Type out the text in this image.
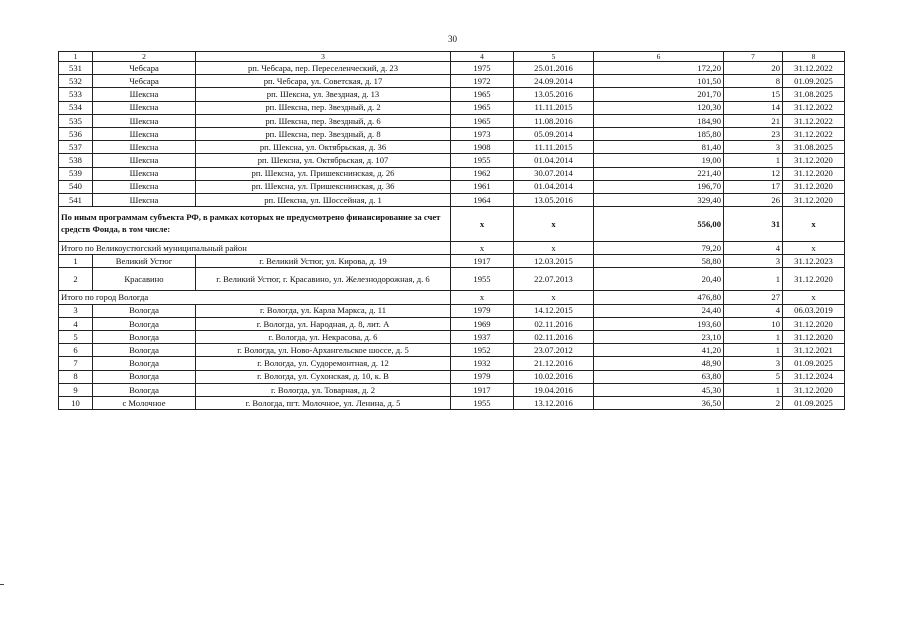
30
1	2	3	4	5	6	7	8
531	Чебсара	рп. Чебсара, пер. Переселенческий, д. 23	1975	25.01.2016	172,20	20	31.12.2022
532	Чебсара	рп. Чебсара, ул. Советская, д. 17	1972	24.09.2014	101,50	8	01.09.2025
533	Шексна	рп. Шексна, ул. Звездная, д. 13	1965	13.05.2016	201,70	15	31.08.2025
534	Шексна	рп. Шексна, пер. Звездный, д. 2	1965	11.11.2015	120,30	14	31.12.2022
535	Шексна	рп. Шексна, пер. Звездный, д. 6	1965	11.08.2016	184,90	21	31.12.2022
536	Шексна	рп. Шексна, пер. Звездный, д. 8	1973	05.09.2014	185,80	23	31.12.2022
537	Шексна	рп. Шексна, ул. Октябрьская, д. 36	1908	11.11.2015	81,40	3	31.08.2025
538	Шексна	рп. Шексна, ул. Октябрьская, д. 107	1955	01.04.2014	19,00	1	31.12.2020
539	Шексна	рп. Шексна, ул. Пришекснинская, д. 26	1962	30.07.2014	221,40	12	31.12.2020
540	Шексна	рп. Шексна, ул. Пришекснинская, д. 36	1961	01.04.2014	196,70	17	31.12.2020
541	Шексна	рп. Шексна, ул. Шоссейная, д. 1	1964	13.05.2016	329,40	26	31.12.2020
По иным программам субъекта РФ, в рамках которых не предусмотрено финансирование за счет средств Фонда, в том числе:			х	х	556,00	31	х
Итого по Великоустюгский муниципальный район			х	х	79,20	4	х
1	Великий Устюг	г. Великий Устюг, ул. Кирова, д. 19	1917	12.03.2015	58,80	3	31.12.2023
2	Красавино	г. Великий Устюг, г. Красавино, ул. Железнодорожная, д. 6	1955	22.07.2013	20,40	1	31.12.2020
Итого по город Вологда			х	х	476,80	27	х
3	Вологда	г. Вологда, ул. Карла Маркса, д. 11	1979	14.12.2015	24,40	4	06.03.2019
4	Вологда	г. Вологда, ул. Народная, д. 8, лит. А	1969	02.11.2016	193,60	10	31.12.2020
5	Вологда	г. Вологда, ул. Некрасова, д. 6	1937	02.11.2016	23,10	1	31.12.2020
6	Вологда	г. Вологда, ул. Ново-Архангельское шоссе, д. 5	1952	23.07.2012	41,20	1	31.12.2021
7	Вологда	г. Вологда, ул. Судоремонтная, д. 12	1932	21.12.2016	48,90	3	01.09.2025
8	Вологда	г. Вологда, ул. Сухонская, д. 10, к. В	1979	10.02.2016	63,80	5	31.12.2024
9	Вологда	г. Вологда, ул. Товарная, д. 2	1917	19.04.2016	45,30	1	31.12.2020
10	с Молочное	г. Вологда, пгт. Молочное, ул. Ленина, д. 5	1955	13.12.2016	36,50	2	01.09.2025
